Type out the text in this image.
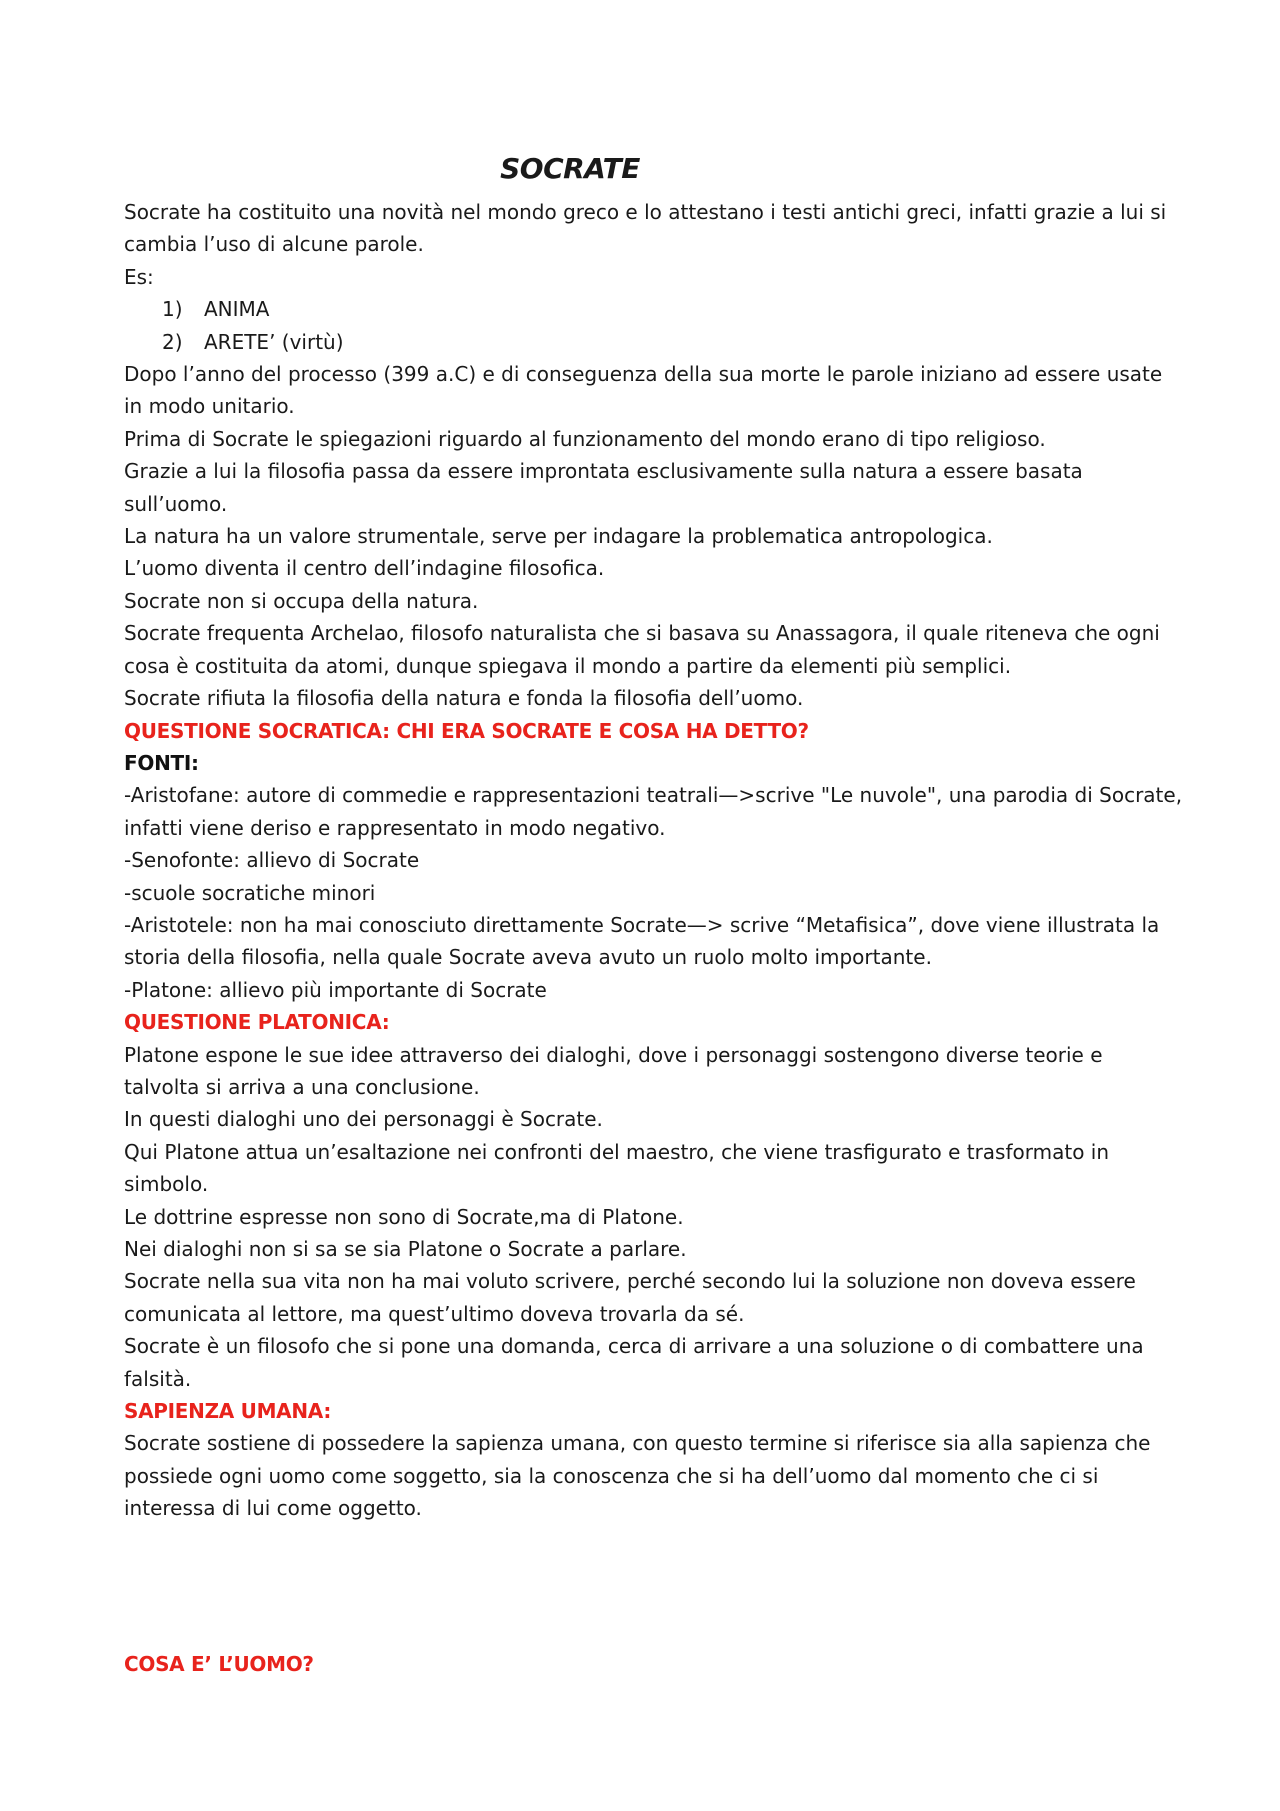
SOCRATE

Socrate ha costituito una novità nel mondo greco e lo attestano i testi antichi greci, infatti grazie a lui si cambia l’uso di alcune parole.

Es:

ANIMA
ARETE’ (virtù)

Dopo l’anno del processo (399 a.C) e di conseguenza della sua morte le parole iniziano ad essere usate in modo unitario.

Prima di Socrate le spiegazioni riguardo al funzionamento del mondo erano di tipo religioso.

Grazie a lui la filosofia passa da essere improntata esclusivamente sulla natura a essere basata sull’uomo.

La natura ha un valore strumentale, serve per indagare la problematica antropologica.

L’uomo diventa il centro dell’indagine filosofica.

Socrate non si occupa della natura.

Socrate frequenta Archelao, filosofo naturalista che si basava su Anassagora, il quale riteneva che ogni cosa è costituita da atomi, dunque spiegava il mondo a partire da elementi più semplici.

Socrate rifiuta la filosofia della natura e fonda la filosofia dell’uomo.

QUESTIONE SOCRATICA: CHI ERA SOCRATE E COSA HA DETTO?

FONTI:

-Aristofane: autore di commedie e rappresentazioni teatrali—>scrive "Le nuvole", una parodia di Socrate, infatti viene deriso e rappresentato in modo negativo.

-Senofonte: allievo di Socrate

-scuole socratiche minori

-Aristotele: non ha mai conosciuto direttamente Socrate—> scrive “Metafisica”, dove viene illustrata la storia della filosofia, nella quale Socrate aveva avuto un ruolo molto importante.

-Platone: allievo più importante di Socrate

QUESTIONE PLATONICA:

Platone espone le sue idee attraverso dei dialoghi, dove i personaggi sostengono diverse teorie e talvolta si arriva a una conclusione.

In questi dialoghi uno dei personaggi è Socrate.

Qui Platone attua un’esaltazione nei confronti del maestro, che viene trasfigurato e trasformato in simbolo.

Le dottrine espresse non sono di Socrate,ma di Platone.

Nei dialoghi non si sa se sia Platone o Socrate a parlare.

Socrate nella sua vita non ha mai voluto scrivere, perché secondo lui la soluzione non doveva essere comunicata al lettore, ma quest’ultimo doveva trovarla da sé.

Socrate è un filosofo che si pone una domanda, cerca di arrivare a una soluzione o di combattere una falsità.

SAPIENZA UMANA:

Socrate sostiene di possedere la sapienza umana, con questo termine si riferisce sia alla sapienza che possiede ogni uomo come soggetto, sia la conoscenza che si ha dell’uomo dal momento che ci si interessa di lui come oggetto.

COSA E’ L’UOMO?
